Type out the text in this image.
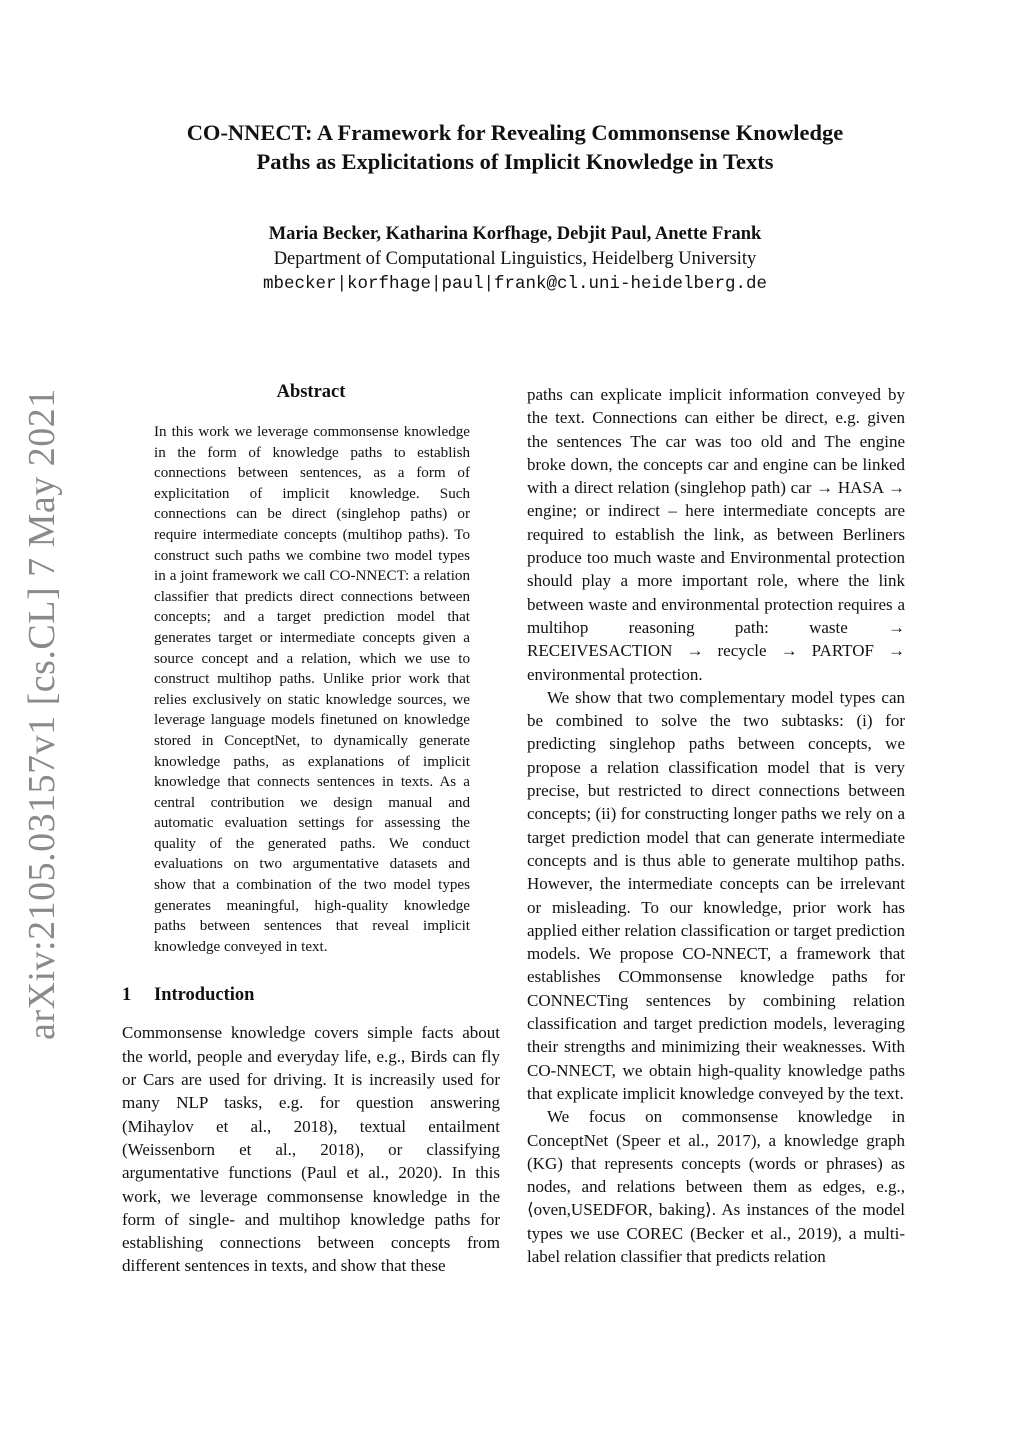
arXiv:2105.03157v1 [cs.CL] 7 May 2021
CO-NNECT: A Framework for Revealing Commonsense Knowledge
Paths as Explicitations of Implicit Knowledge in Texts
Maria Becker, Katharina Korfhage, Debjit Paul, Anette Frank
Department of Computational Linguistics, Heidelberg University
mbecker|korfhage|paul|frank@cl.uni-heidelberg.de
Abstract

In this work we leverage commonsense knowledge in the form of knowledge paths to establish connections between sentences, as a form of explicitation of implicit knowledge. Such connections can be direct (singlehop paths) or require intermediate concepts (multihop paths). To construct such paths we combine two model types in a joint framework we call CO-NNECT: a relation classifier that predicts direct connections between concepts; and a target prediction model that generates target or intermediate concepts given a source concept and a relation, which we use to construct multihop paths. Unlike prior work that relies exclusively on static knowledge sources, we leverage language models finetuned on knowledge stored in ConceptNet, to dynamically generate knowledge paths, as explanations of implicit knowledge that connects sentences in texts. As a central contribution we design manual and automatic evaluation settings for assessing the quality of the generated paths. We conduct evaluations on two argumentative datasets and show that a combination of the two model types generates meaningful, high-quality knowledge paths between sentences that reveal implicit knowledge conveyed in text.

1 Introduction

Commonsense knowledge covers simple facts about the world, people and everyday life, e.g., Birds can fly or Cars are used for driving. It is increasily used for many NLP tasks, e.g. for question answering (Mihaylov et al., 2018), textual entailment (Weissenborn et al., 2018), or classifying argumentative functions (Paul et al., 2020). In this work, we leverage commonsense knowledge in the form of single- and multihop knowledge paths for establishing connections between concepts from different sentences in texts, and show that these

paths can explicate implicit information conveyed by the text. Connections can either be direct, e.g. given the sentences The car was too old and The engine broke down, the concepts car and engine can be linked with a direct relation (singlehop path) car → HASA → engine; or indirect – here intermediate concepts are required to establish the link, as between Berliners produce too much waste and Environmental protection should play a more important role, where the link between waste and environmental protection requires a multihop reasoning path: waste → RECEIVESACTION → recycle → PARTOF → environmental protection.

We show that two complementary model types can be combined to solve the two subtasks: (i) for predicting singlehop paths between concepts, we propose a relation classification model that is very precise, but restricted to direct connections between concepts; (ii) for constructing longer paths we rely on a target prediction model that can generate intermediate concepts and is thus able to generate multihop paths. However, the intermediate concepts can be irrelevant or misleading. To our knowledge, prior work has applied either relation classification or target prediction models. We propose CO-NNECT, a framework that establishes COmmonsense knowledge paths for CONNECTing sentences by combining relation classification and target prediction models, leveraging their strengths and minimizing their weaknesses. With CO-NNECT, we obtain high-quality knowledge paths that explicate implicit knowledge conveyed by the text.

We focus on commonsense knowledge in ConceptNet (Speer et al., 2017), a knowledge graph (KG) that represents concepts (words or phrases) as nodes, and relations between them as edges, e.g., ⟨oven,USEDFOR, baking⟩. As instances of the model types we use COREC (Becker et al., 2019), a multi-label relation classifier that predicts relation
